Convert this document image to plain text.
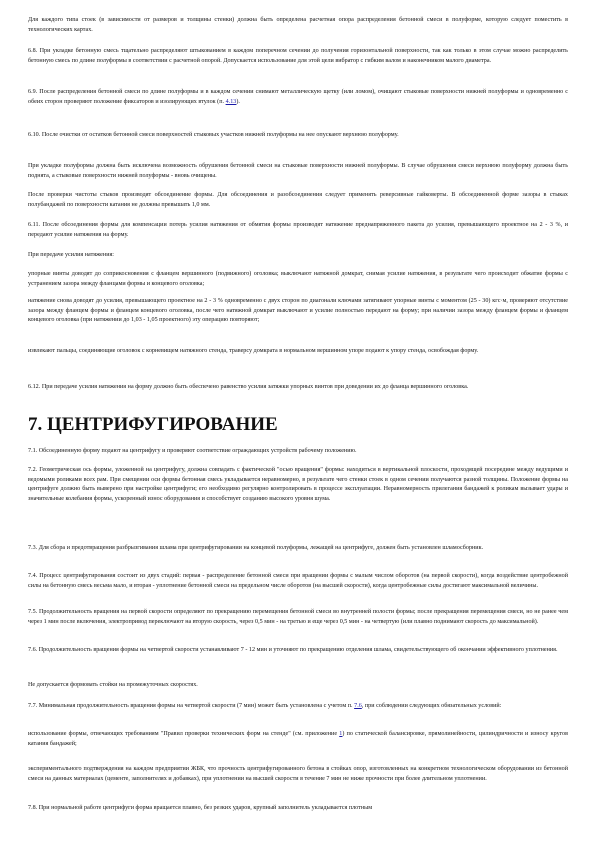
Для каждого типа стоек (в зависимости от размеров и толщины стенки) должна быть определена расчетная опора распределения бетонной смеси в полуформе, которую следует поместить в технологических картах.

6.8. При укладке бетонную смесь тщательно распределяют штыкованием в каждом поперечном сечении до получения горизонтальной поверхности, так как только в этом случае можно распределить бетонную смесь по длине полуформы в соответствии с расчетной опорой. Допускается использование для этой цели вибратор с гибким валом и наконечником малого диаметра.

6.9. После распределения бетонной смеси по длине полуформы и в каждом сечении снимают металлическую щетку (или ломом), очищают стыковые поверхности нижней полуформы и одновременно с обеих сторон проверяют положение фиксаторов и изолирующих втулок (п. 4.13).

6.10. После очистки от остатков бетонной смеси поверхностей стыковых участков нижней полуформы на нее опускают верхнюю полуформу.

При укладке полуформы должна быть исключена возможность обрушения бетонной смеси на стыковые поверхности нижней полуформы. В случае обрушения смеси верхнюю полуформу должна быть поднята, а стыковые поверхности нижней полуформы - вновь очищены.

После проверки чистоты стыков производят обсоединение формы. Для обсоединения и разобсоединения следует применять реверсивные гайковерты. В обсоединенной форме зазоры в стыках полубандажей по поверхности катания не должны превышать 1,0 мм.

6.11. После обсоединения формы для компенсации потерь усилия натяжения от обмятия формы производят натяжение преднапряженного пакета до усилия, превышающего проектное на 2 - 3 %, и передают усилие натяжения на форму.

При передаче усилия натяжения:

упорные винты доводят до соприкосновения с фланцем вершинного (подвижного) оголовка; выключают натяжной домкрат, снимая усилие натяжения, в результате чего происходит обжатие формы с устранением зазора между фланцами формы и концевого оголовка;

натяжение снова доводят до усилия, превышающего проектное на 2 - 3 % одновременно с двух сторон по диагонали ключами затягивают упорные винты с моментом (25 - 30) кгс·м, проверяют отсутствие зазора между фланцем формы и фланцем концевого оголовка, после чего натяжной домкрат выключают и усилие полностью передают на форму; при наличии зазора между фланцем формы и фланцем концевого оголовка (при натяжении до 1,03 - 1,05 проектного) эту операцию повторяют;

извлекают пальцы, соединяющие оголовок с корневищем натяжного стенда, траверсу домкрата в нормальном вершинном упоре подают к упору стенда, освобождая форму.

6.12. При передаче усилия натяжения на форму должно быть обеспечено равенство усилия затяжки упорных винтов при доведении их до фланца вершинного оголовка.

7. ЦЕНТРИФУГИРОВАНИЕ

7.1. Обсоединенную форму подают на центрифугу и проверяют соответствие ограждающих устройств рабочему положению.

7.2. Геометрическая ось формы, уложенной на центрифугу, должна совпадать с фактической "осью вращения" формы: находиться в вертикальной плоскости, проходящей посередине между ведущими и ведомыми роликами всех рам. При смещении оси формы бетонная смесь укладывается неравномерно, в результате чего стенки стоек в одном сечении получаются разной толщины. Положение формы на центрифуге должно быть выверено при настройке центрифуги; его необходимо регулярно контролировать в процессе эксплуатации. Неравномерность прилегания бандажей к роликам вызывает удары и значительные колебания формы, ускоренный износ оборудования и способствует созданию высокого уровня шума.

7.3. Для сбора и предотвращения разбрызгивания шлама при центрифугировании на концевой полуформы, лежащей на центрифуге, должен быть установлен шламосборник.

7.4. Процесс центрифугирования состоит из двух стадий: первая - распределение бетонной смеси при вращении формы с малым числом оборотов (на первой скорости), когда воздействие центробежной силы на бетонную смесь весьма мало, и вторая - уплотнение бетонной смеси на предельном числе оборотов (на высшей скорости), когда центробежные силы достигают максимальной величины.

7.5. Продолжительность вращения на первой скорости определяют по прекращению перемещения бетонной смеси во внутренней полости формы; после прекращения перемещения смеси, но не ранее чем через 1 мин после включения, электропривод переключают на вторую скорость, через 0,5 мин - на третью и еще через 0,5 мин - на четвертую (или плавно поднимают скорость до максимальной).

7.6. Продолжительность вращения формы на четвертой скорости устанавливают 7 - 12 мин и уточняют по прекращению отделения шлама, свидетельствующего об окончании эффективного уплотнения.

Не допускается формовать стойки на промежуточных скоростях.

7.7. Минимальная продолжительность вращения формы на четвертой скорости (7 мин) может быть установлена с учетом п. 7.6, при соблюдении следующих обязательных условий:

использование формы, отвечающих требованиям "Правил проверки технических форм на стенде" (см. приложение 1) по статической балансировке, прямолинейности, цилиндричности и износу кругов катания бандажей;

экспериментального подтверждения на каждом предприятии ЖБК, что прочность центрифугированного бетона в стойках опор, изготовленных на конкретном технологическом оборудовании из бетонной смеси на данных материалах (цементе, заполнителях и добавках), при уплотнении на высшей скорости в течение 7 мин не ниже прочности при более длительном уплотнении.

7.8. При нормальной работе центрифуги форма вращается плавно, без резких ударов, крупный заполнитель укладывается плотным
